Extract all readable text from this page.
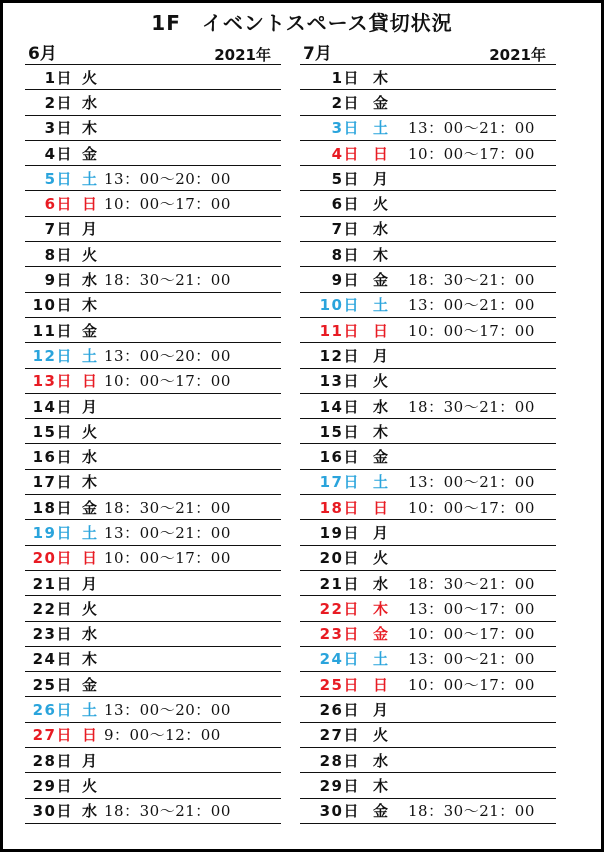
1F　イベントスペース貸切状況
6月	2021年
1日 火
2日 水
3日 木
4日 金
5日 土 13：00～20：00
6日 日 10：00～17：00
7日 月
8日 火
9日 水 18：30～21：00
10日 木
11日 金
12日 土 13：00～20：00
13日 日 10：00～17：00
14日 月
15日 火
16日 水
17日 木
18日 金 18：30～21：00
19日 土 13：00～21：00
20日 日 10：00～17：00
21日 月
22日 火
23日 水
24日 木
25日 金
26日 土 13：00～20：00
27日 日 9：00～12：00
28日 月
29日 火
30日 水 18：30～21：00
7月	2021年
1日 木
2日 金
3日 土 13：00～21：00
4日 日 10：00～17：00
5日 月
6日 火
7日 水
8日 木
9日 金 18：30～21：00
10日 土 13：00～21：00
11日 日 10：00～17：00
12日 月
13日 火
14日 水 18：30～21：00
15日 木
16日 金
17日 土 13：00～21：00
18日 日 10：00～17：00
19日 月
20日 火
21日 水 18：30～21：00
22日 木 13：00～17：00
23日 金 10：00～17：00
24日 土 13：00～21：00
25日 日 10：00～17：00
26日 月
27日 火
28日 水
29日 木
30日 金 18：30～21：00
